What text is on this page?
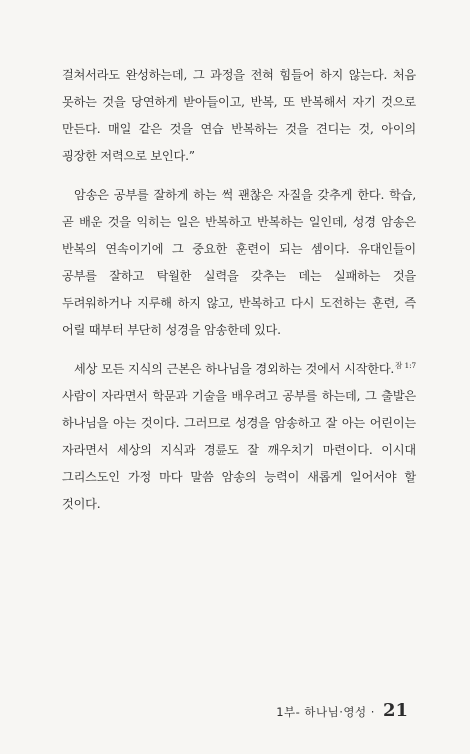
걸쳐서라도 완성하는데, 그 과정을 전혀 힘들어 하지 않는다. 처음 못하는 것을 당연하게 받아들이고, 반복, 또 반복해서 자기 것으로 만든다. 매일 같은 것을 연습 반복하는 것을 견디는 것, 아이의 굉장한 저력으로 보인다.”

암송은 공부를 잘하게 하는 썩 괜찮은 자질을 갖추게 한다. 학습, 곧 배운 것을 익히는 일은 반복하고 반복하는 일인데, 성경 암송은 반복의 연속이기에 그 중요한 훈련이 되는 셈이다. 유대인들이 공부를 잘하고 탁월한 실력을 갖추는 데는 실패하는 것을 두려워하거나 지루해 하지 않고, 반복하고 다시 도전하는 훈련, 즉 어릴 때부터 부단히 성경을 암송한데 있다.

세상 모든 지식의 근본은 하나님을 경외하는 것에서 시작한다.$^{잠 1:7}$ 사람이 자라면서 학문과 기술을 배우려고 공부를 하는데, 그 출발은 하나님을 아는 것이다. 그러므로 성경을 암송하고 잘 아는 어린이는 자라면서 세상의 지식과 경륜도 잘 깨우치기 마련이다. 이시대 그리스도인 가정 마다 말씀 암송의 능력이 새롭게 일어서야 할 것이다.

1부- 하나님·영성 · 21
